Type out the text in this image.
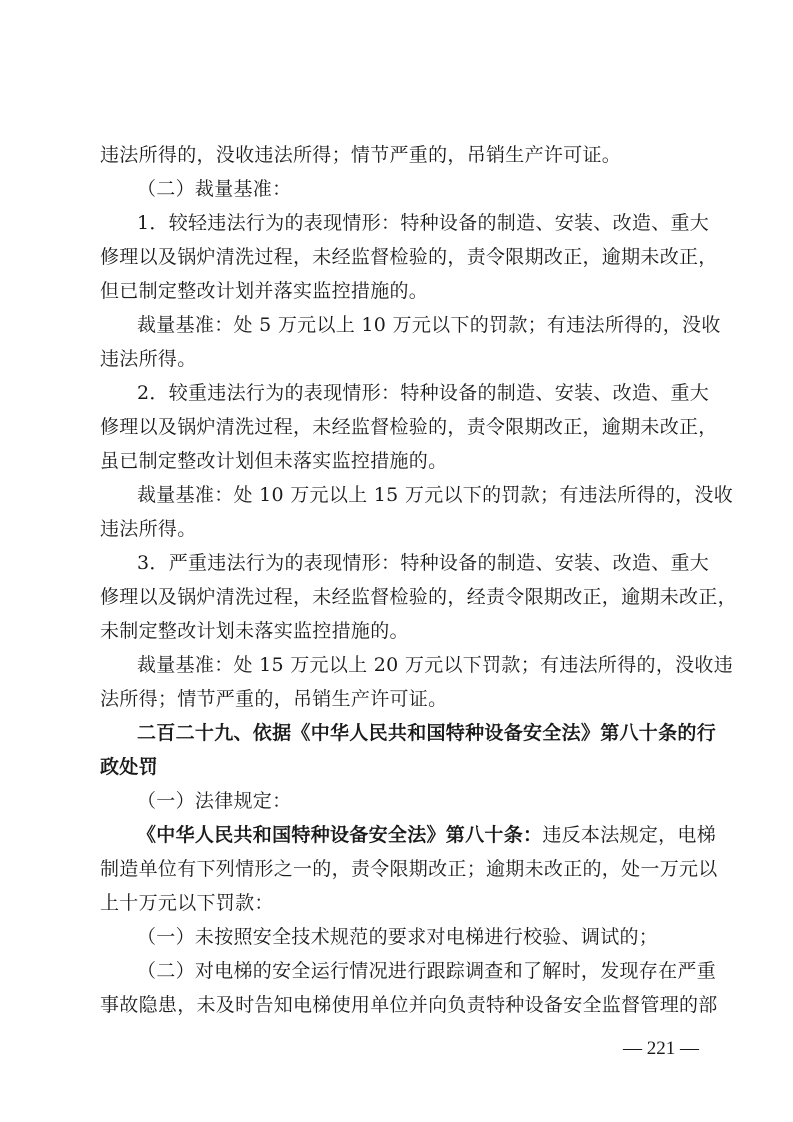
违法所得的，没收违法所得；情节严重的，吊销生产许可证。
（二）裁量基准：
1．较轻违法行为的表现情形：特种设备的制造、安装、改造、重大
修理以及锅炉清洗过程，未经监督检验的，责令限期改正，逾期未改正，
但已制定整改计划并落实监控措施的。
裁量基准：处 5 万元以上 10 万元以下的罚款；有违法所得的，没收
违法所得。
2．较重违法行为的表现情形：特种设备的制造、安装、改造、重大
修理以及锅炉清洗过程，未经监督检验的，责令限期改正，逾期未改正，
虽已制定整改计划但未落实监控措施的。
裁量基准：处 10 万元以上 15 万元以下的罚款；有违法所得的，没收
违法所得。
3．严重违法行为的表现情形：特种设备的制造、安装、改造、重大
修理以及锅炉清洗过程，未经监督检验的，经责令限期改正，逾期未改正，
未制定整改计划未落实监控措施的。
裁量基准：处 15 万元以上 20 万元以下罚款；有违法所得的，没收违
法所得；情节严重的，吊销生产许可证。
二百二十九、依据《中华人民共和国特种设备安全法》第八十条的行
政处罚
（一）法律规定：
《中华人民共和国特种设备安全法》第八十条：违反本法规定，电梯
制造单位有下列情形之一的，责令限期改正；逾期未改正的，处一万元以
上十万元以下罚款：
（一）未按照安全技术规范的要求对电梯进行校验、调试的；
（二）对电梯的安全运行情况进行跟踪调查和了解时，发现存在严重
事故隐患，未及时告知电梯使用单位并向负责特种设备安全监督管理的部
— 221 —
